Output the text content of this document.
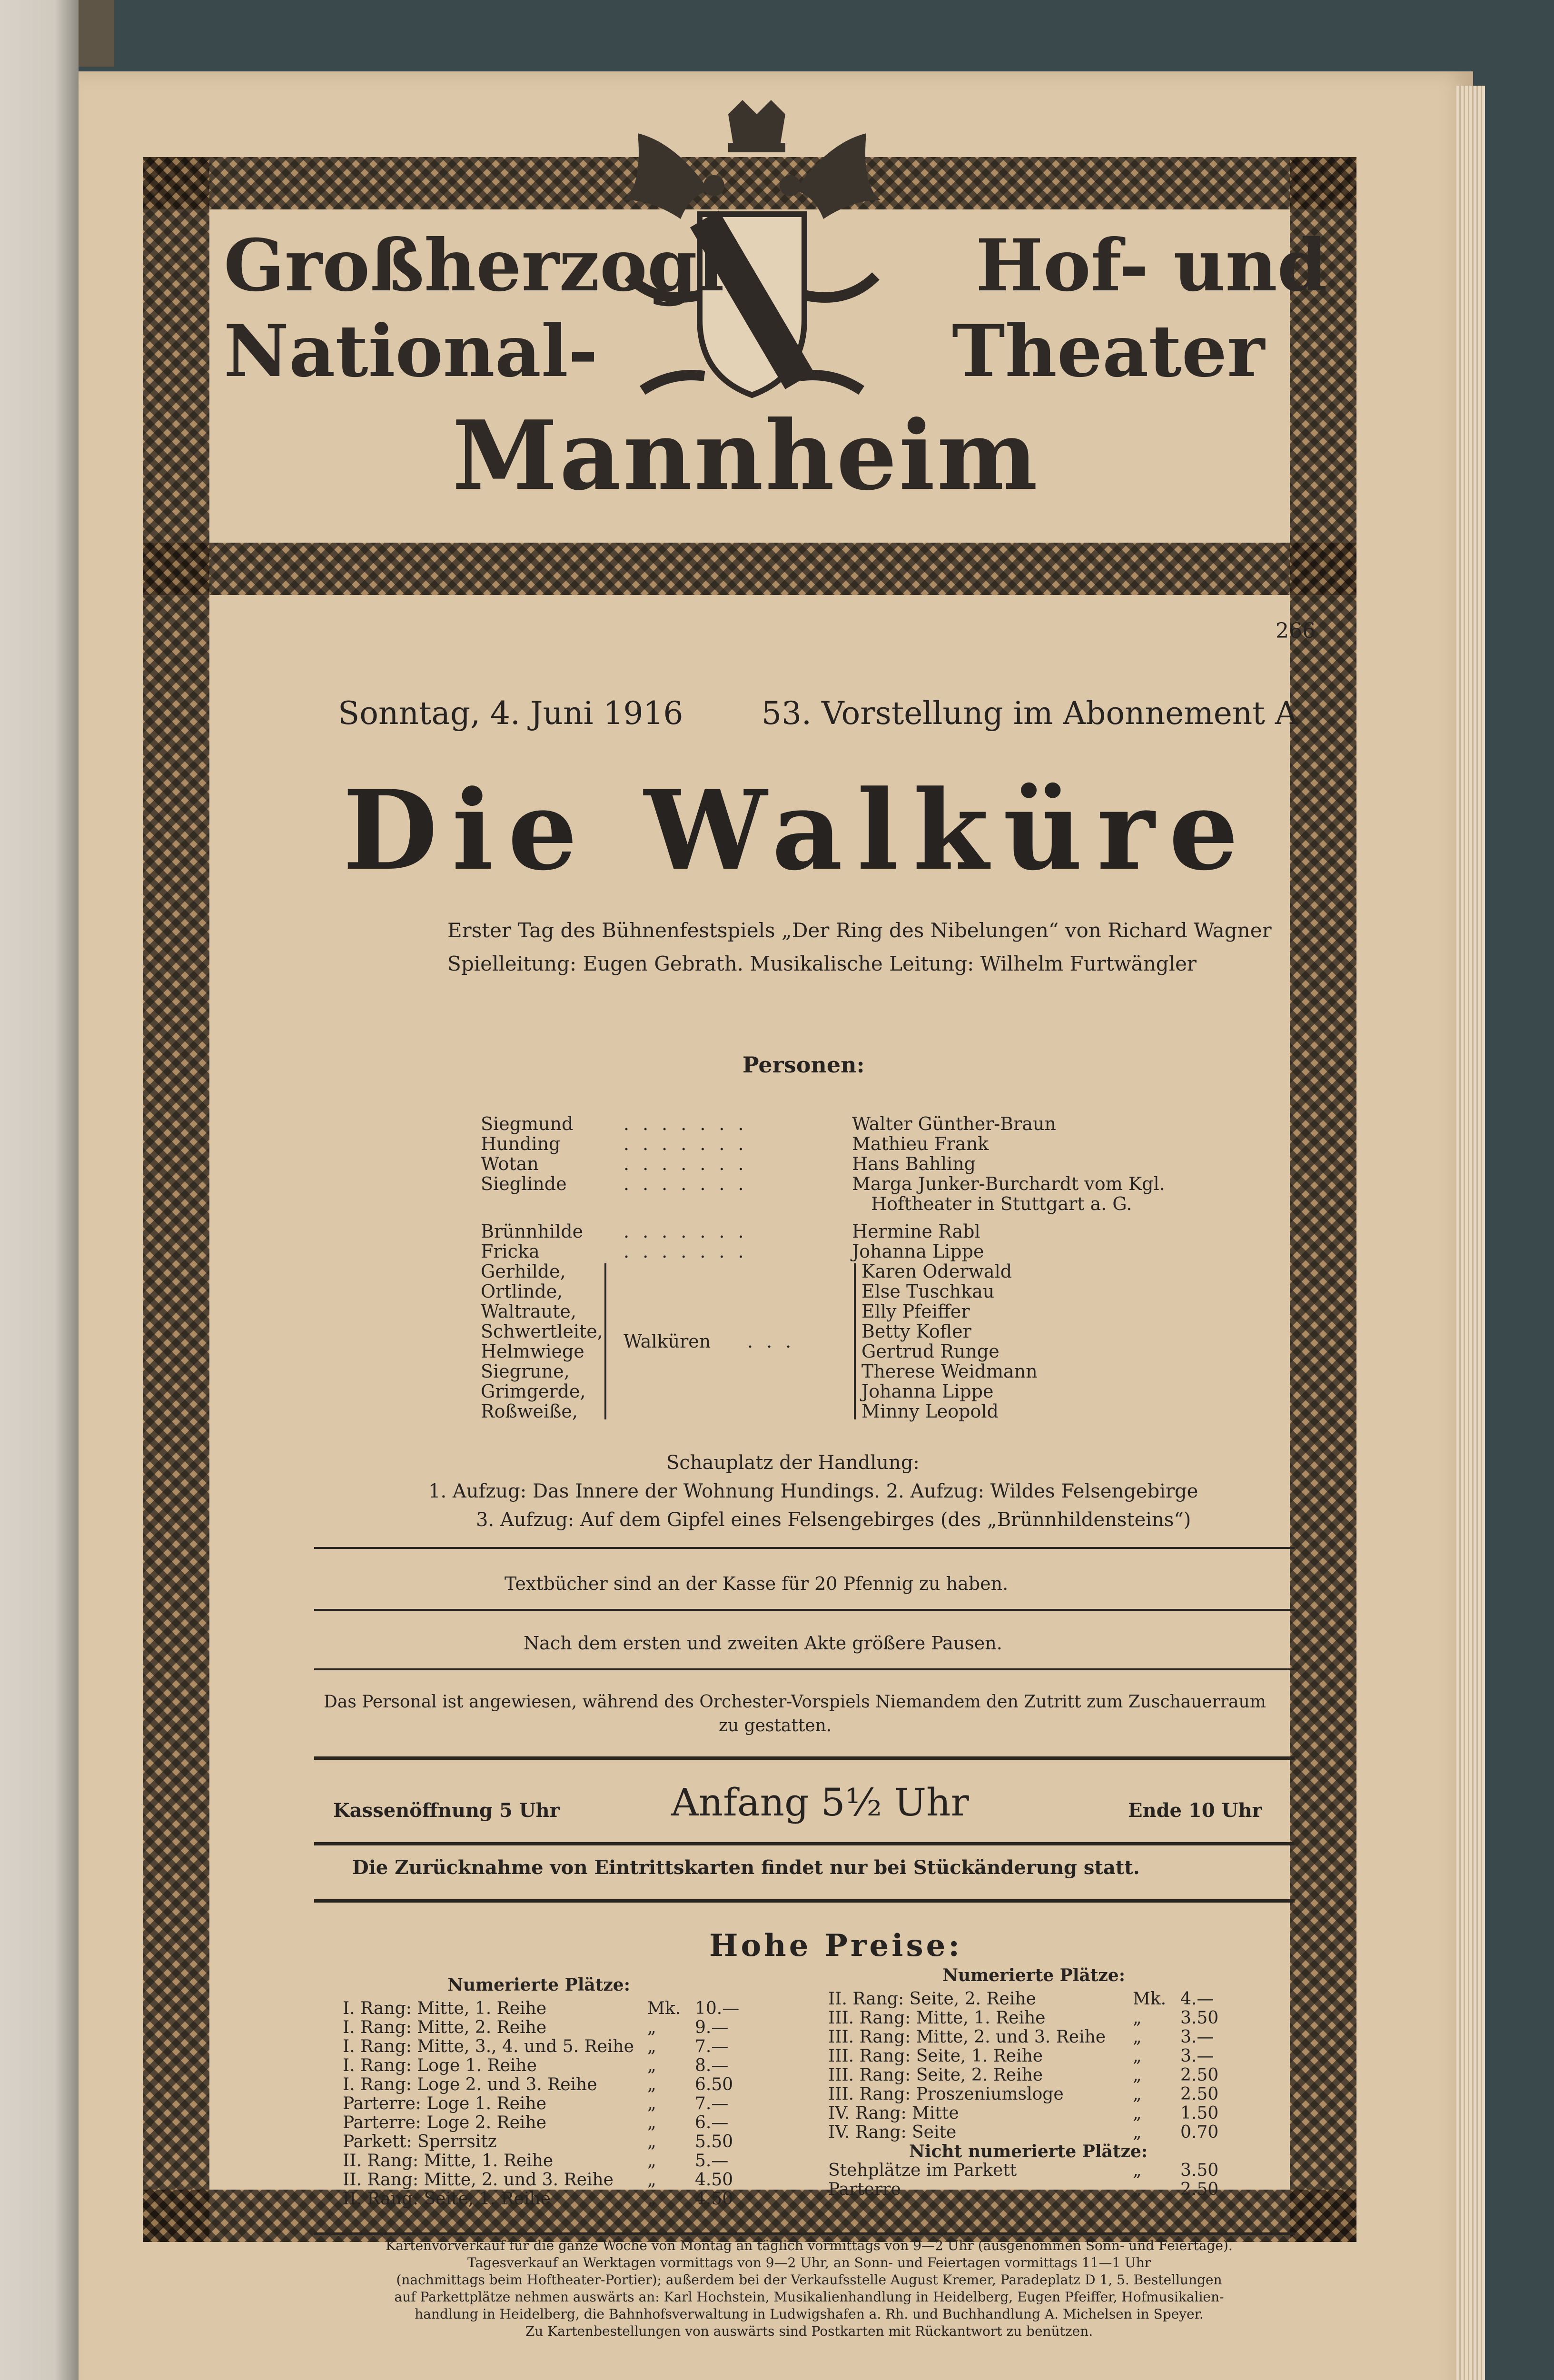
Großherzogl.
National-
Hof- und
Theater
Mannheim
266
Sonntag, 4. Juni 1916 53. Vorstellung im Abonnement A
Die Walküre
Erster Tag des Bühnenfestspiels „Der Ring des Nibelungen“ von Richard Wagner
Spielleitung: Eugen Gebrath. Musikalische Leitung: Wilhelm Furtwängler
Personen:
Siegmund	.......	Walter Günther-Braun
Hunding	.......	Mathieu Frank
Wotan	.......	Hans Bahling
Sieglinde	.......	Marga Junker-Burchardt vom Kgl.
Hoftheater in Stuttgart a. G.
Brünnhilde .......	Hermine Rabl
Fricka	.......	Johanna Lippe
Gerhilde,	Karen Oderwald
Ortlinde,	Else Tuschkau
Waltraute,	Elly Pfeiffer
Schwertleite,	Betty Kofler
Helmwiege	Gertrud Runge
Siegrune,	Therese Weidmann
Grimgerde,	Johanna Lippe
Roßweiße,	Minny Leopold
Walküren ...
Schauplatz der Handlung:
1. Aufzug: Das Innere der Wohnung Hundings. 2. Aufzug: Wildes Felsengebirge
3. Aufzug: Auf dem Gipfel eines Felsengebirges (des „Brünnhildensteins“)
Textbücher sind an der Kasse für 20 Pfennig zu haben.
Nach dem ersten und zweiten Akte größere Pausen.
Das Personal ist angewiesen, während des Orchester-Vorspiels Niemandem den Zutritt zum Zuschauerraum
zu gestatten.
Kassenöffnung 5 Uhr	Anfang 5½ Uhr	Ende 10 Uhr
Die Zurücknahme von Eintrittskarten findet nur bei Stückänderung statt.
Hohe Preise:
Numerierte Plätze:
I. Rang: Mitte, 1. Reihe	Mk. 10.—
I. Rang: Mitte, 2. Reihe	„ 9.—
I. Rang: Mitte, 3., 4. und 5. Reihe „ 7.—
I. Rang: Loge 1. Reihe	„ 8.—
I. Rang: Loge 2. und 3. Reihe	„ 6.50
Parterre: Loge 1. Reihe	„ 7.—
Parterre: Loge 2. Reihe	„ 6.—
Parkett: Sperrsitz	„ 5.50
II. Rang: Mitte, 1. Reihe	„ 5.—
II. Rang: Mitte, 2. und 3. Reihe „ 4.50
II. Rang: Seite, 1. Reihe	„ 4.50
Numerierte Plätze:
II. Rang: Seite, 2. Reihe	Mk. 4.—
III. Rang: Mitte, 1. Reihe	„ 3.50
III. Rang: Mitte, 2. und 3. Reihe „ 3.—
III. Rang: Seite, 1. Reihe	„ 3.—
III. Rang: Seite, 2. Reihe	„ 2.50
III. Rang: Proszeniumsloge	„ 2.50
IV. Rang: Mitte	„ 1.50
IV. Rang: Seite	„ 0.70
Nicht numerierte Plätze:
Stehplätze im Parkett	„ 3.50
Parterre	„ 2.50
Kartenvorverkauf für die ganze Woche von Montag an täglich vormittags von 9—2 Uhr (ausgenommen Sonn- und Feiertage).
Tagesverkauf an Werktagen vormittags von 9—2 Uhr, an Sonn- und Feiertagen vormittags 11—1 Uhr
(nachmittags beim Hoftheater-Portier); außerdem bei der Verkaufsstelle August Kremer, Paradeplatz D 1, 5. Bestellungen
auf Parkettplätze nehmen auswärts an: Karl Hochstein, Musikalienhandlung in Heidelberg, Eugen Pfeiffer, Hofmusikalien-
handlung in Heidelberg, die Bahnhofsverwaltung in Ludwigshafen a. Rh. und Buchhandlung A. Michelsen in Speyer.
Zu Kartenbestellungen von auswärts sind Postkarten mit Rückantwort zu benützen.
